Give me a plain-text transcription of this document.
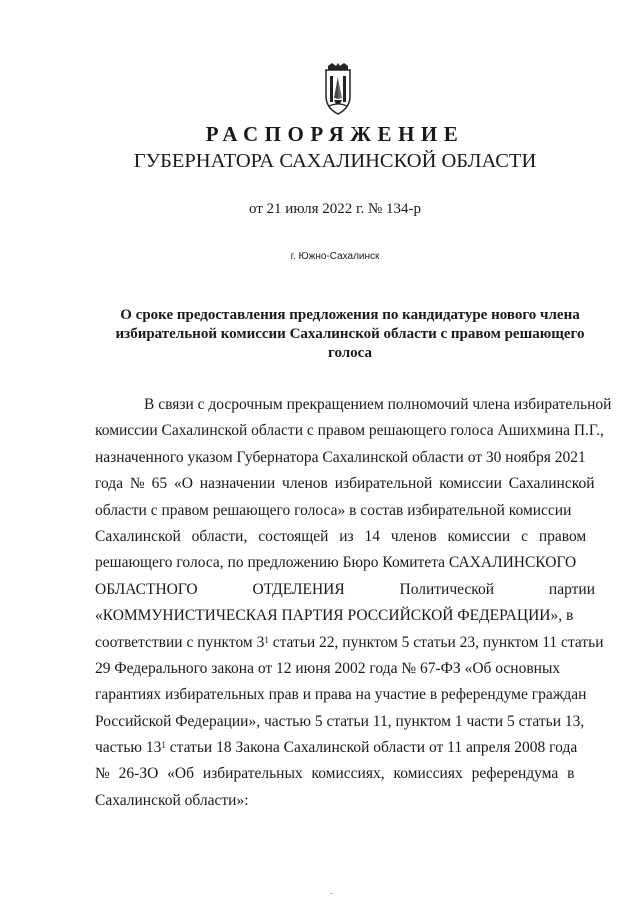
РАСПОРЯЖЕНИЕ
ГУБЕРНАТОРА САХАЛИНСКОЙ ОБЛАСТИ
от 21 июля 2022 г. № 134-р
г. Южно-Сахалинск
О сроке предоставления предложения по кандидатуре нового члена избирательной комиссии Сахалинской области с правом решающего голоса
В связи с досрочным прекращением полномочий члена избирательной
комиссии Сахалинской области с правом решающего голоса Ашихмина П.Г.,
назначенного указом Губернатора Сахалинской области от 30 ноября 2021
года № 65 «О назначении членов избирательной комиссии Сахалинской
области с правом решающего голоса» в состав избирательной комиссии
Сахалинской области, состоящей из 14 членов комиссии с правом
решающего голоса, по предложению Бюро Комитета САХАЛИНСКОГО
ОБЛАСТНОГО	ОТДЕЛЕНИЯ	Политической	партии
«КОММУНИСТИЧЕСКАЯ ПАРТИЯ РОССИЙСКОЙ ФЕДЕРАЦИИ», в
соответствии с пунктом $3^1$ статьи 22, пунктом 5 статьи 23, пунктом 11 статьи
29 Федерального закона от 12 июня 2002 года № 67-ФЗ «Об основных
гарантиях избирательных прав и права на участие в референдуме граждан
Российской Федерации», частью 5 статьи 11, пунктом 1 части 5 статьи 13,
частью $13^1$ статьи 18 Закона Сахалинской области от 11 апреля 2008 года
№ 26-ЗО «Об избирательных комиссиях, комиссиях референдума в
Сахалинской области»:
